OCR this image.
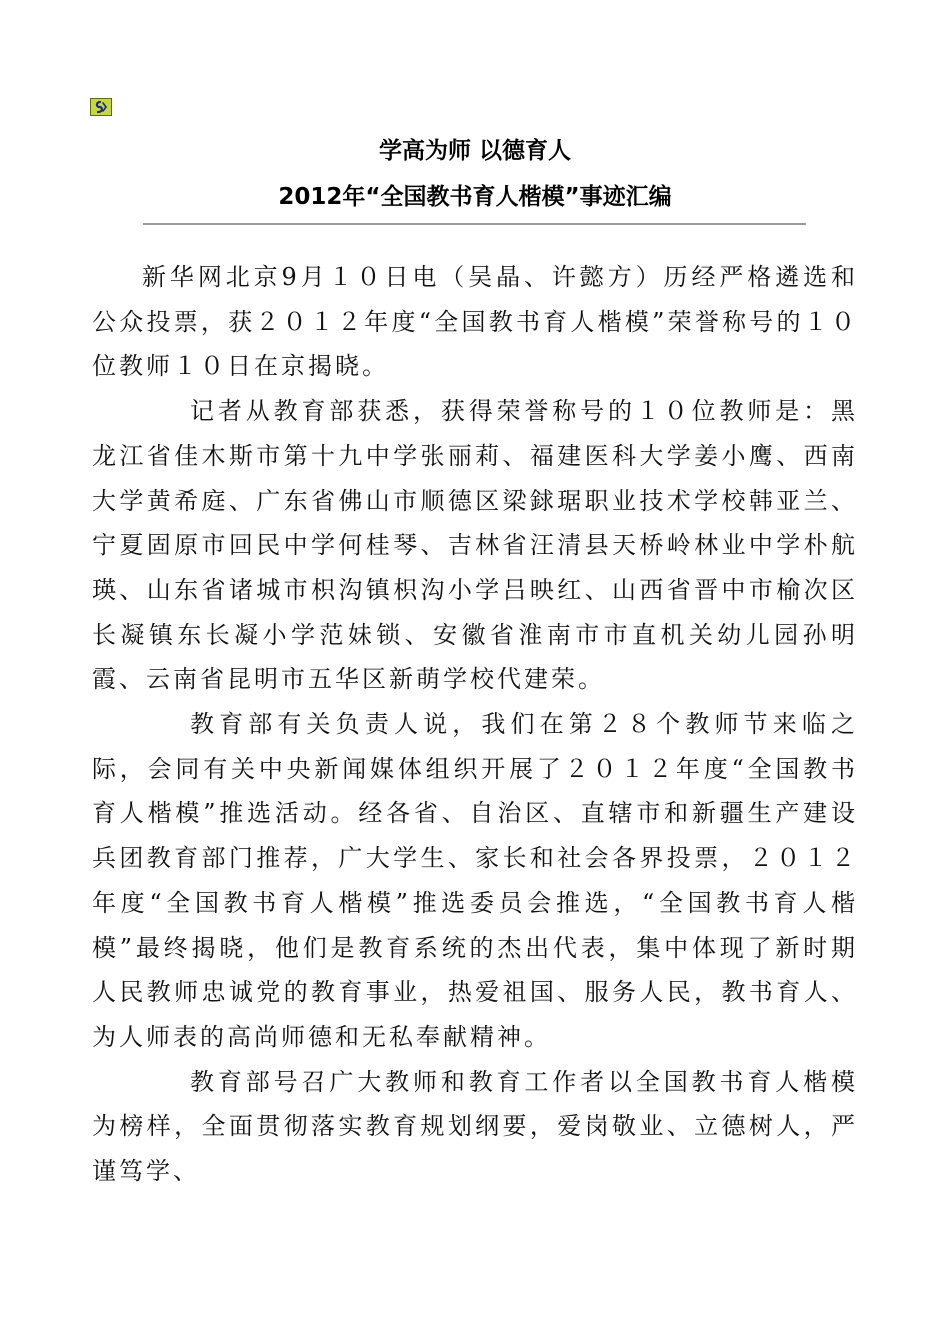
学高为师 以德育人
2012年“全国教书育人楷模”事迹汇编

新华网北京9月１０日电（吴晶、许懿方）历经严格遴选和公众投票，获２０１２年度“全国教书育人楷模”荣誉称号的１０位教师１０日在京揭晓。

记者从教育部获悉，获得荣誉称号的１０位教师是：黑龙江省佳木斯市第十九中学张丽莉、福建医科大学姜小鹰、西南大学黄希庭、广东省佛山市顺德区梁銶琚职业技术学校韩亚兰、宁夏固原市回民中学何桂琴、吉林省汪清县天桥岭林业中学朴航瑛、山东省诸城市枳沟镇枳沟小学吕映红、山西省晋中市榆次区长凝镇东长凝小学范妹锁、安徽省淮南市市直机关幼儿园孙明霞、云南省昆明市五华区新萌学校代建荣。

教育部有关负责人说，我们在第２８个教师节来临之际，会同有关中央新闻媒体组织开展了２０１２年度“全国教书育人楷模”推选活动。经各省、自治区、直辖市和新疆生产建设兵团教育部门推荐，广大学生、家长和社会各界投票，２０１２年度“全国教书育人楷模”推选委员会推选，“全国教书育人楷模”最终揭晓，他们是教育系统的杰出代表，集中体现了新时期人民教师忠诚党的教育事业，热爱祖国、服务人民，教书育人、为人师表的高尚师德和无私奉献精神。

教育部号召广大教师和教育工作者以全国教书育人楷模为榜样，全面贯彻落实教育规划纲要，爱岗敬业、立德树人，严谨笃学、
